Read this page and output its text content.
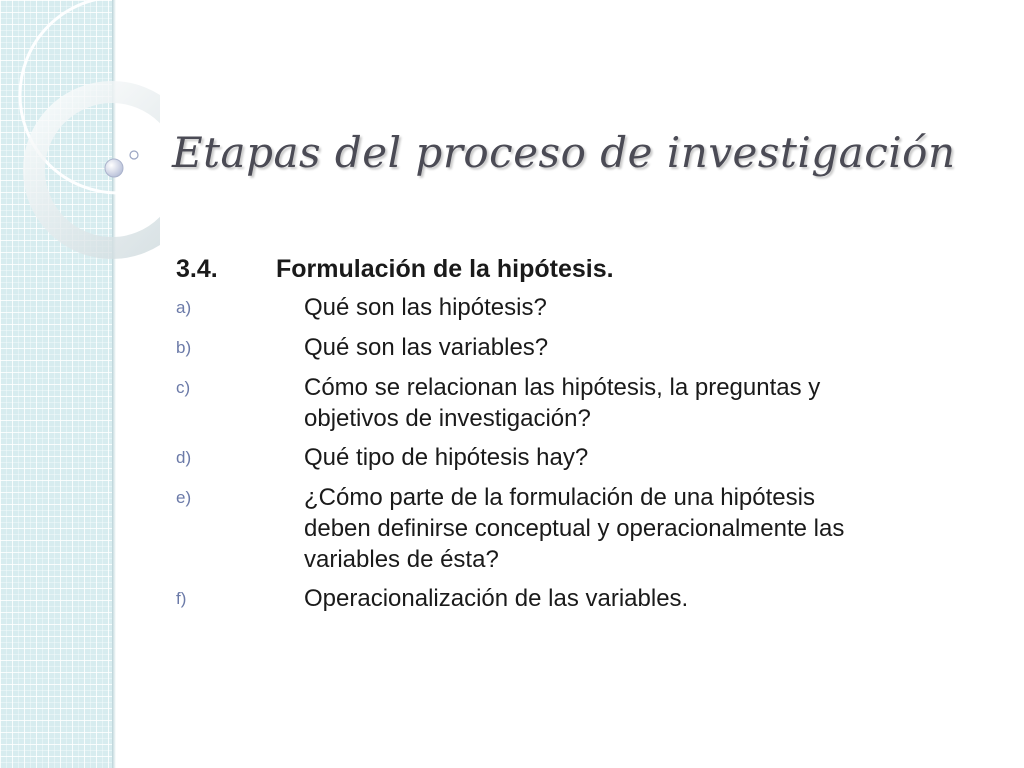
Etapas del proceso de investigación
3.4.	Formulación de la hipótesis.
a)	Qué son las hipótesis?
b)	Qué son las variables?
c)	Cómo se relacionan las hipótesis, la preguntas y
objetivos de investigación?
d)	Qué tipo de hipótesis hay?
e)	¿Cómo parte de la formulación de una hipótesis
deben definirse conceptual y operacionalmente las
variables de ésta?
f)	Operacionalización de las variables.
